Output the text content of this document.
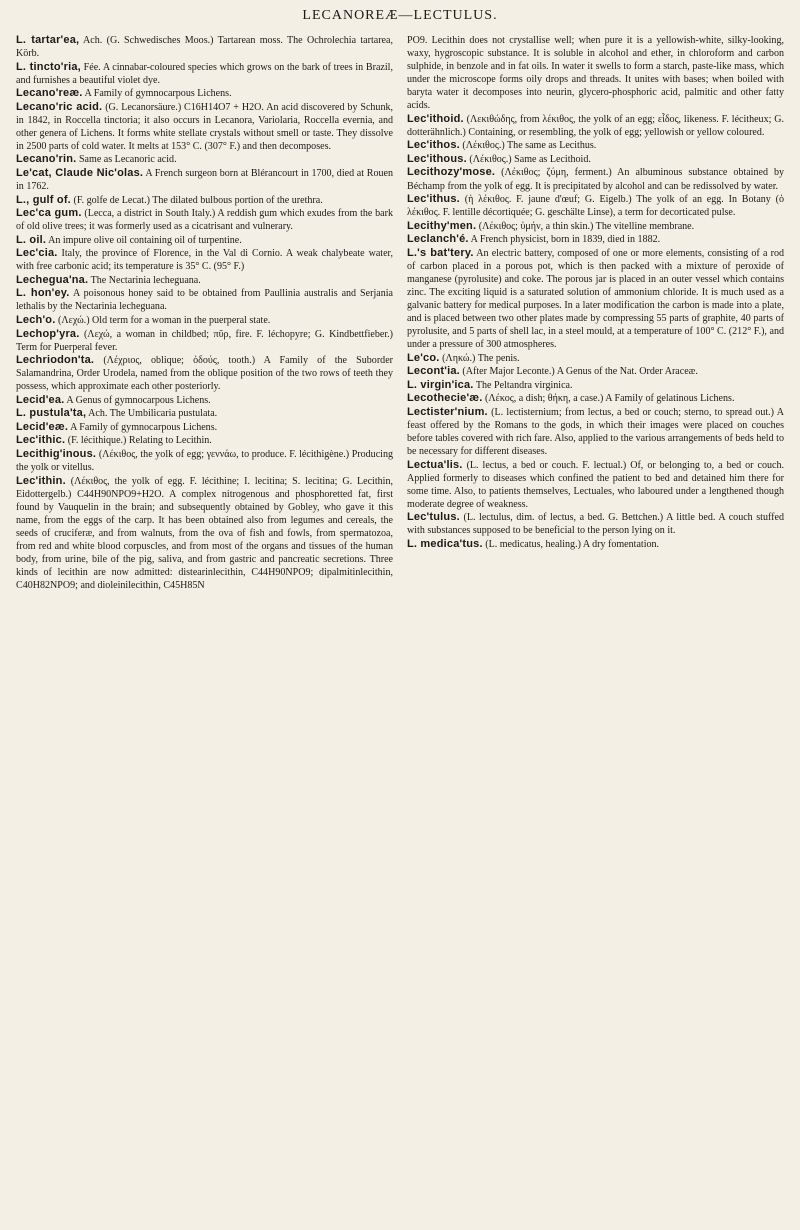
LECANOREÆ—LECTULUS.

L. tartar'ea, Ach. (G. Schwedisches Moos.) Tartarean moss. The Ochrolechia tartarea, Körb.

L. tincto'ria, Fée. A cinnabar-coloured species which grows on the bark of trees in Brazil, and furnishes a beautiful violet dye.

Lecano'reæ. A Family of gymnocarpous Lichens.

Lecano'ric acid. (G. Lecanorsäure.) C16H14O7 + H2O. An acid discovered by Schunk, in 1842, in Roccella tinctoria; it also occurs in Lecanora, Variolaria, Roccella evernia, and other genera of Lichens. It forms white stellate crystals without smell or taste. They dissolve in 2500 parts of cold water. It melts at 153° C. (307° F.) and then decomposes.

Lecano'rin. Same as Lecanoric acid.

Le'cat, Claude Nic'olas. A French surgeon born at Blérancourt in 1700, died at Rouen in 1762.

L., gulf of. (F. golfe de Lecat.) The dilated bulbous portion of the urethra.

Lec'ca gum. (Lecca, a district in South Italy.) A reddish gum which exudes from the bark of old olive trees; it was formerly used as a cicatrisant and vulnerary.

L. oil. An impure olive oil containing oil of turpentine.

Lec'cia. Italy, the province of Florence, in the Val di Cornio. A weak chalybeate water, with free carbonic acid; its temperature is 35° C. (95° F.)

Lechegua'na. The Nectarinia lecheguana.

L. hon'ey. A poisonous honey said to be obtained from Paullinia australis and Serjania lethalis by the Nectarinia lecheguana.

Lech'o. (Λεχώ.) Old term for a woman in the puerperal state.

Lechop'yra. (Λεχώ, a woman in childbed; πῦρ, fire. F. léchopyre; G. Kindbettfieber.) Term for Puerperal fever.

Lechriodon'ta. (Λέχριος, oblique; ὀδούς, tooth.) A Family of the Suborder Salamandrina, Order Urodela, named from the oblique position of the two rows of teeth they possess, which approximate each other posteriorly.

Lecid'ea. A Genus of gymnocarpous Lichens.

L. pustula'ta, Ach. The Umbilicaria pustulata.

Lecid'eæ. A Family of gymnocarpous Lichens.

Lec'ithic. (F. lécithique.) Relating to Lecithin.

Lecithig'inous. (Λέκιθος, the yolk of egg; γεννάω, to produce. F. lécithigène.) Producing the yolk or vitellus.

Lec'ithin. (Λέκιθος, the yolk of egg. F. lécithine; I. lecitina; S. lecitina; G. Lecithin, Eidottergelb.) C44H90NPO9+H2O. A complex nitrogenous and phosphoretted fat, first found by Vauquelin in the brain; and subsequently obtained by Gobley, who gave it this name, from the eggs of the carp. It has been obtained also from legumes and cereals, the seeds of cruciferæ, and from walnuts, from the ova of fish and fowls, from spermatozoa, from red and white blood corpuscles, and from most of the organs and tissues of the human body, from urine, bile of the pig, saliva, and from gastric and pancreatic secretions. Three kinds of lecithin are now admitted: distearinlecithin, C44H90NPO9; dipalmitinlecithin, C40H82NPO9; and dioleinilecithin, C45H85N

PO9. Lecithin does not crystallise well; when pure it is a yellowish-white, silky-looking, waxy, hygroscopic substance. It is soluble in alcohol and ether, in chloroform and carbon sulphide, in benzole and in fat oils. In water it swells to form a starch, paste-like mass, which under the microscope forms oily drops and threads. It unites with bases; when boiled with baryta water it decomposes into neurin, glycero-phosphoric acid, palmitic and other fatty acids.

Lec'ithoid. (Λεκιθώδης, from λέκιθος, the yolk of an egg; εἶδος, likeness. F. lécitheux; G. dotterähnlich.) Containing, or resembling, the yolk of egg; yellowish or yellow coloured.

Lec'ithos. (Λέκιθος.) The same as Lecithus.

Lec'ithous. (Λέκιθος.) Same as Lecithoid.

Lecithozy'mose. (Λέκιθος; ζύμη, ferment.) An albuminous substance obtained by Béchamp from the yolk of egg. It is precipitated by alcohol and can be redissolved by water.

Lec'ithus. (ἡ λέκιθος. F. jaune d'œuf; G. Eigelb.) The yolk of an egg. In Botany (ὁ λέκιθος. F. lentille décortiquée; G. geschälte Linse), a term for decorticated pulse.

Lecithy'men. (Λέκιθος; ὑμήν, a thin skin.) The vitelline membrane.

Leclanch'é. A French physicist, born in 1839, died in 1882.

L.'s bat'tery. An electric battery, composed of one or more elements, consisting of a rod of carbon placed in a porous pot, which is then packed with a mixture of peroxide of manganese (pyrolusite) and coke. The porous jar is placed in an outer vessel which contains zinc. The exciting liquid is a saturated solution of ammonium chloride. It is much used as a galvanic battery for medical purposes. In a later modification the carbon is made into a plate, and is placed between two other plates made by compressing 55 parts of graphite, 40 parts of pyrolusite, and 5 parts of shell lac, in a steel mould, at a temperature of 100° C. (212° F.), and under a pressure of 300 atmospheres.

Le'co. (Ληκώ.) The penis.

Lecont'ia. (After Major Leconte.) A Genus of the Nat. Order Araceæ.

L. virgin'ica. The Peltandra virginica.

Lecothecie'æ. (Λέκος, a dish; θήκη, a case.) A Family of gelatinous Lichens.

Lectister'nium. (L. lectisternium; from lectus, a bed or couch; sterno, to spread out.) A feast offered by the Romans to the gods, in which their images were placed on couches before tables covered with rich fare. Also, applied to the various arrangements of beds held to be necessary for different diseases.

Lectua'lis. (L. lectus, a bed or couch. F. lectual.) Of, or belonging to, a bed or couch. Applied formerly to diseases which confined the patient to bed and detained him there for some time. Also, to patients themselves, Lectuales, who laboured under a lengthened though moderate degree of weakness.

Lec'tulus. (L. lectulus, dim. of lectus, a bed. G. Bettchen.) A little bed. A couch stuffed with substances supposed to be beneficial to the person lying on it.

L. medica'tus. (L. medicatus, healing.) A dry fomentation.
